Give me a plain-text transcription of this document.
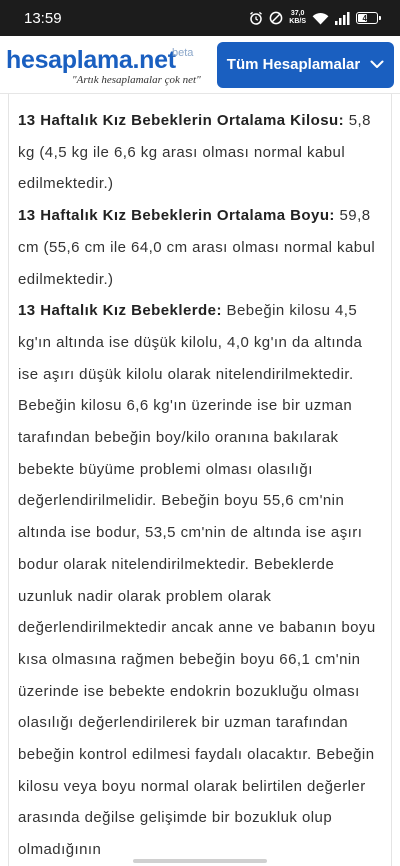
13:59	37,0
KB/S	45
hesaplama.net
beta
"Artık hesaplamalar çok net"
Tüm Hesaplamalar
13 Haftalık Kız Bebeklerin Ortalama Kilosu: 5,8 kg (4,5 kg ile 6,6 kg arası olması normal kabul edilmektedir.)
13 Haftalık Kız Bebeklerin Ortalama Boyu: 59,8 cm (55,6 cm ile 64,0 cm arası olması normal kabul edilmektedir.)
13 Haftalık Kız Bebeklerde: Bebeğin kilosu 4,5 kg'ın altında ise düşük kilolu, 4,0 kg'ın da altında ise aşırı düşük kilolu olarak nitelendirilmektedir. Bebeğin kilosu 6,6 kg'ın üzerinde ise bir uzman tarafından bebeğin boy/kilo oranına bakılarak bebekte büyüme problemi olması olasılığı değerlendirilmelidir. Bebeğin boyu 55,6 cm'nin altında ise bodur, 53,5 cm'nin de altında ise aşırı bodur olarak nitelendirilmektedir. Bebeklerde uzunluk nadir olarak problem olarak değerlendirilmektedir ancak anne ve babanın boyu kısa olmasına rağmen bebeğin boyu 66,1 cm'nin üzerinde ise bebekte endokrin bozukluğu olması olasılığı değerlendirilerek bir uzman tarafından bebeğin kontrol edilmesi faydalı olacaktır. Bebeğin kilosu veya boyu normal olarak belirtilen değerler arasında değilse gelişimde bir bozukluk olup olmadığının
